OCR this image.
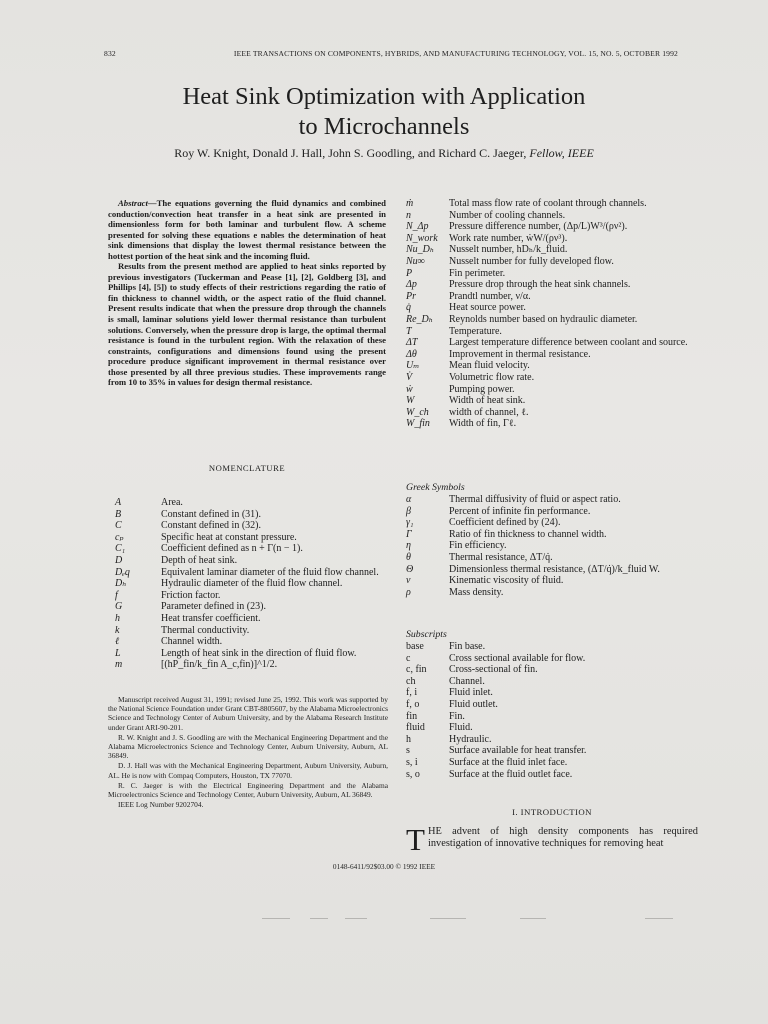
832	IEEE TRANSACTIONS ON COMPONENTS, HYBRIDS, AND MANUFACTURING TECHNOLOGY, VOL. 15, NO. 5, OCTOBER 1992
Heat Sink Optimization with Application
to Microchannels
Roy W. Knight, Donald J. Hall, John S. Goodling, and Richard C. Jaeger, Fellow, IEEE

Abstract—The equations governing the fluid dynamics and combined conduction/convection heat transfer in a heat sink are presented in dimensionless form for both laminar and turbulent flow. A scheme presented for solving these equations e nables the determination of heat sink dimensions that display the lowest thermal resistance between the hottest portion of the heat sink and the incoming fluid.

Results from the present method are applied to heat sinks reported by previous investigators (Tuckerman and Pease [1], [2], Goldberg [3], and Phillips [4], [5]) to study effects of their restrictions regarding the ratio of fin thickness to channel width, or the aspect ratio of the fluid channel. Present results indicate that when the pressure drop through the channels is small, laminar solutions yield lower thermal resistance than turbulent solutions. Conversely, when the pressure drop is large, the optimal thermal resistance is found in the turbulent region. With the relaxation of these constraints, configurations and dimensions found using the present procedure produce significant improvement in thermal resistance over those presented by all three previous studies. These improvements range from 10 to 35% in values for design thermal resistance.

NOMENCLATURE
A	Area.
B	Constant defined in (31).
C	Constant defined in (32).
cₚ	Specific heat at constant pressure.
C₁	Coefficient defined as n + Γ(n − 1).
D	Depth of heat sink.
Dₑq	Equivalent laminar diameter of the fluid flow channel.
Dₕ	Hydraulic diameter of the fluid flow channel.
f	Friction factor.
G	Parameter defined in (23).
h	Heat transfer coefficient.
k	Thermal conductivity.
ℓ	Channel width.
L	Length of heat sink in the direction of fluid flow.
m	[(hP_fin/k_fin A_c,fin)]^1/2.
ṁ	Total mass flow rate of coolant through channels.
n	Number of cooling channels.
N_Δp	Pressure difference number, (Δp/L)W³/(ρν²).
N_work	Work rate number, ẇW/(ρν³).
Nu_Dₕ	Nusselt number, hDₕ/k_fluid.
Nu∞	Nusselt number for fully developed flow.
P	Fin perimeter.
Δp	Pressure drop through the heat sink channels.
Pr	Prandtl number, ν/α.
q̇	Heat source power.
Re_Dₕ	Reynolds number based on hydraulic diameter.
T	Temperature.
ΔT	Largest temperature difference between coolant and source.
Δθ	Improvement in thermal resistance.
Uₘ	Mean fluid velocity.
V̇	Volumetric flow rate.
ẇ	Pumping power.
W	Width of heat sink.
W_ch	width of channel, ℓ.
W_fin	Width of fin, Γℓ.
Greek Symbols
α	Thermal diffusivity of fluid or aspect ratio.
β	Percent of infinite fin performance.
γ₁	Coefficient defined by (24).
Γ	Ratio of fin thickness to channel width.
η	Fin efficiency.
θ	Thermal resistance, ΔT/q̇.
Θ	Dimensionless thermal resistance, (ΔT/q̇)/k_fluid W.
ν	Kinematic viscosity of fluid.
ρ	Mass density.
Subscripts
base	Fin base.
c	Cross sectional available for flow.
c, fin	Cross-sectional of fin.
ch	Channel.
f, i	Fluid inlet.
f, o	Fluid outlet.
fin	Fin.
fluid	Fluid.
h	Hydraulic.
s	Surface available for heat transfer.
s, i	Surface at the fluid inlet face.
s, o	Surface at the fluid outlet face.

Manuscript received August 31, 1991; revised June 25, 1992. This work was supported by the National Science Foundation under Grant CBT-8805607, by the Alabama Microelectronics Science and Technology Center of Auburn University, and by the Alabama Research Institute under Grant ARI-90-201.

R. W. Knight and J. S. Goodling are with the Mechanical Engineering Department and the Alabama Microelectronics Science and Technology Center, Auburn University, Auburn, AL 36849.

D. J. Hall was with the Mechanical Engineering Department, Auburn University, Auburn, AL. He is now with Compaq Computers, Houston, TX 77070.

R. C. Jaeger is with the Electrical Engineering Department and the Alabama Microelectronics Science and Technology Center, Auburn University, Auburn, AL 36849.

IEEE Log Number 9202704.

I. INTRODUCTION
THE advent of high density components has required investigation of innovative techniques for removing heat
0148-6411/92$03.00 © 1992 IEEE
